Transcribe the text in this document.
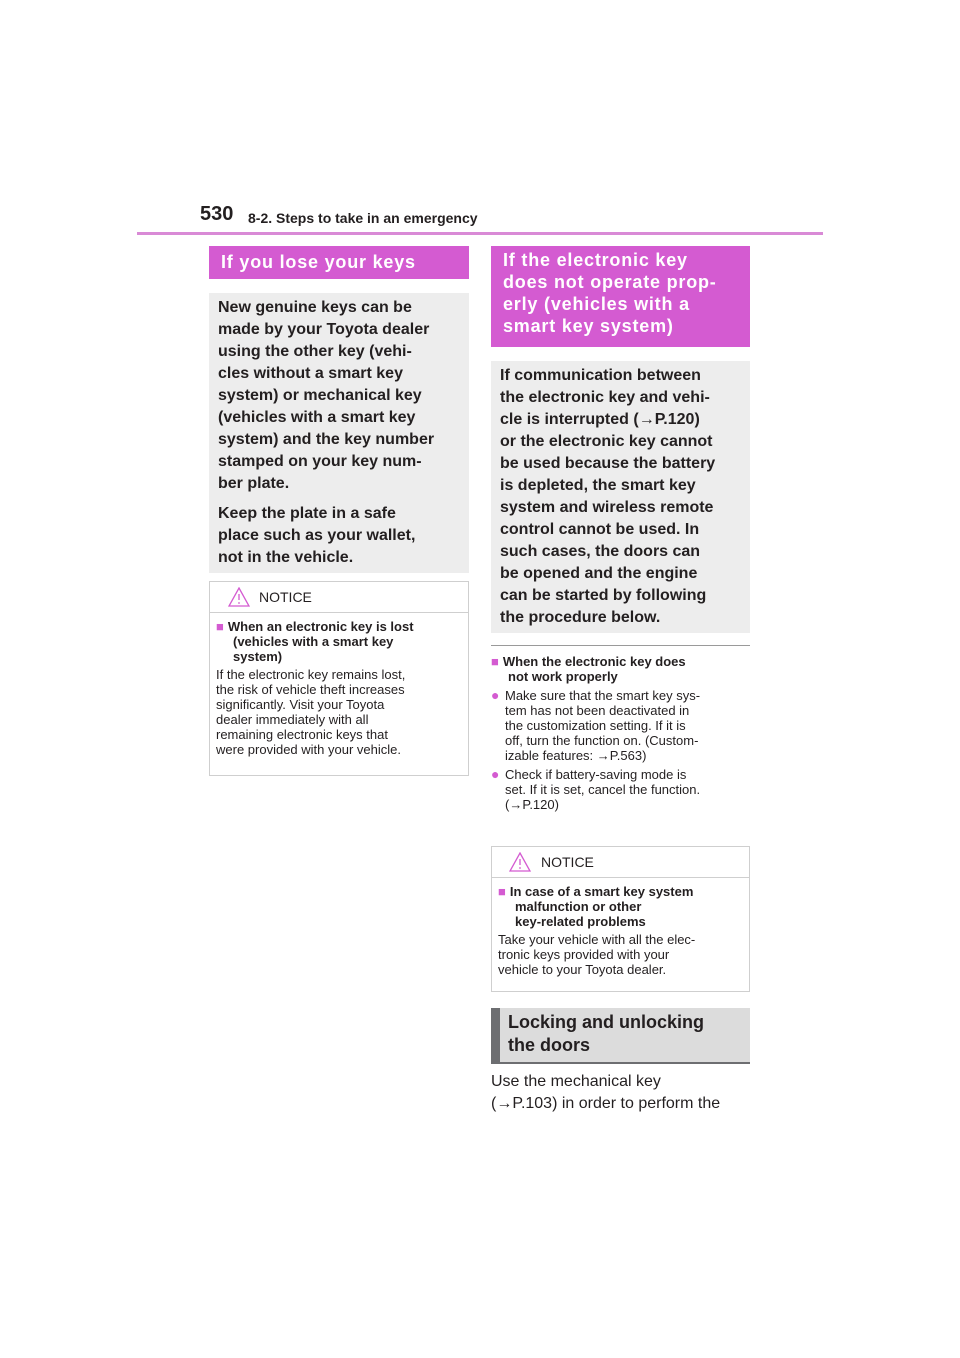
530 8-2. Steps to take in an emergency
If you lose your keys

New genuine keys can be
made by your Toyota dealer
using the other key (vehi-
cles without a smart key
system) or mechanical key
(vehicles with a smart key
system) and the key number
stamped on your key num-
ber plate.

Keep the plate in a safe
place such as your wallet,
not in the vehicle.

NOTICE
■ When an electronic key is lost
(vehicles with a smart key
system)
If the electronic key remains lost,
the risk of vehicle theft increases
significantly. Visit your Toyota
dealer immediately with all
remaining electronic keys that
were provided with your vehicle.
If the electronic key
does not operate prop-
erly (vehicles with a
smart key system)
If communication between
the electronic key and vehi-
cle is interrupted (→P.120)
or the electronic key cannot
be used because the battery
is depleted, the smart key
system and wireless remote
control cannot be used. In
such cases, the doors can
be opened and the engine
can be started by following
the procedure below.
■ When the electronic key does
not work properly
● Make sure that the smart key sys-
tem has not been deactivated in
the customization setting. If it is
off, turn the function on. (Custom-
izable features: →P.563)
● Check if battery-saving mode is
set. If it is set, cancel the function.
(→P.120)
NOTICE
■ In case of a smart key system
malfunction or other
key-related problems
Take your vehicle with all the elec-
tronic keys provided with your
vehicle to your Toyota dealer.
Locking and unlocking
the doors
Use the mechanical key
(→P.103) in order to perform the
